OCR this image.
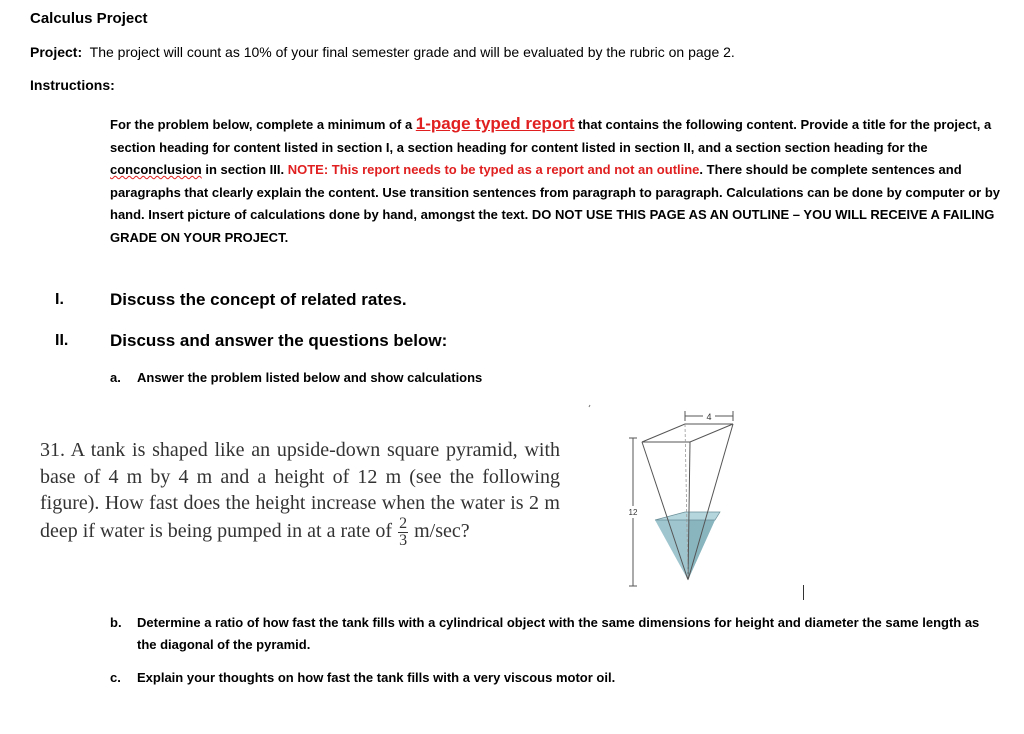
Calculus Project
Project: The project will count as 10% of your final semester grade and will be evaluated by the rubric on page 2.
Instructions:
For the problem below, complete a minimum of a 1-page typed report that contains the following content. Provide a title for the project, a section heading for content listed in section I, a section heading for content listed in section II, and a section section heading for the conconclusion in section III. NOTE: This report needs to be typed as a report and not an outline. There should be complete sentences and paragraphs that clearly explain the content. Use transition sentences from paragraph to paragraph. Calculations can be done by computer or by hand. Insert picture of calculations done by hand, amongst the text. DO NOT USE THIS PAGE AS AN OUTLINE – YOU WILL RECEIVE A FAILING GRADE ON YOUR PROJECT.
I.	Discuss the concept of related rates.
II. Discuss and answer the questions below:
a. Answer the problem listed below and show calculations
31. A tank is shaped like an upside-down square pyramid, with base of 4 m by 4 m and a height of 12 m (see the following figure). How fast does the height increase when the water is 2 m deep if water is being pumped in at a rate of $\frac{2}{3} m/\sec$?
4
12
b. Determine a ratio of how fast the tank fills with a cylindrical object with the same dimensions for height and diameter the same length as the diagonal of the pyramid.
c. Explain your thoughts on how fast the tank fills with a very viscous motor oil.
